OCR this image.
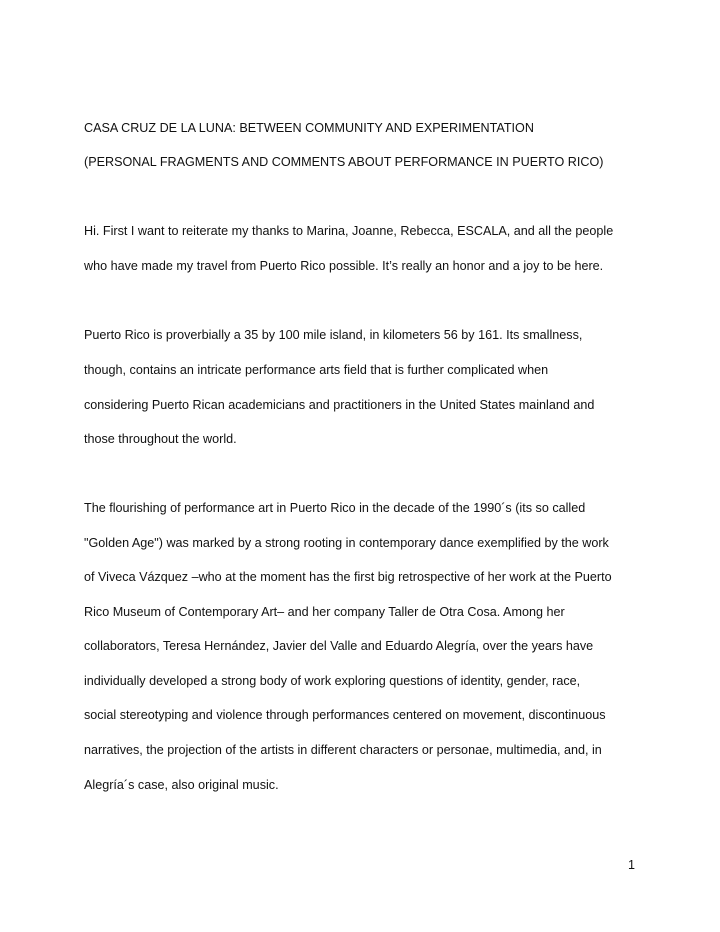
CASA CRUZ DE LA LUNA: BETWEEN COMMUNITY AND EXPERIMENTATION
(PERSONAL FRAGMENTS AND COMMENTS ABOUT PERFORMANCE IN PUERTO RICO)
Hi. First I want to reiterate my thanks to Marina, Joanne, Rebecca, ESCALA, and all the people
who have made my travel from Puerto Rico possible. It’s really an honor and a joy to be here.
Puerto Rico is proverbially a 35 by 100 mile island, in kilometers 56 by 161. Its smallness,
though, contains an intricate performance arts field that is further complicated when
considering Puerto Rican academicians and practitioners in the United States mainland and
those throughout the world.
The flourishing of performance art in Puerto Rico in the decade of the 1990´s (its so called
"Golden Age") was marked by a strong rooting in contemporary dance exemplified by the work
of Viveca Vázquez –who at the moment has the first big retrospective of her work at the Puerto
Rico Museum of Contemporary Art– and her company Taller de Otra Cosa. Among her
collaborators, Teresa Hernández, Javier del Valle and Eduardo Alegría, over the years have
individually developed a strong body of work exploring questions of identity, gender, race,
social stereotyping and violence through performances centered on movement, discontinuous
narratives, the projection of the artists in different characters or personae, multimedia, and, in
Alegría´s case, also original music.
1
